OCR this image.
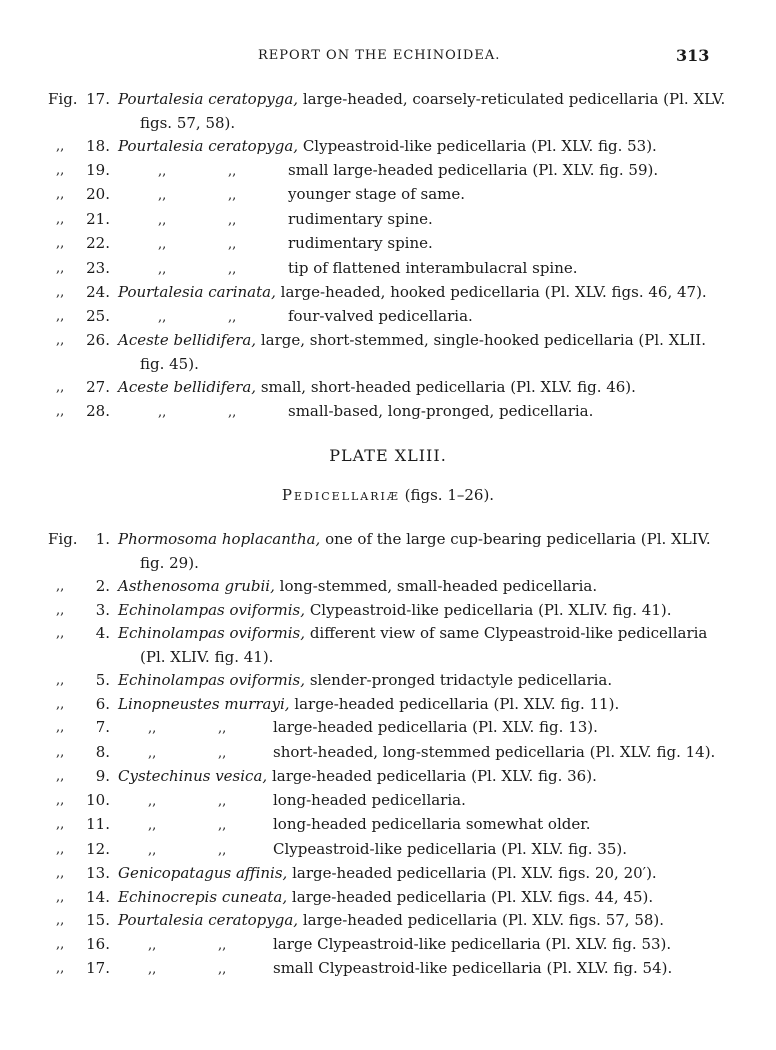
REPORT ON THE ECHINOIDEA.	313
Fig. 17. Pourtalesia ceratopyga, large-headed, coarsely-reticulated pedicellaria (Pl. XLV.
figs. 57, 58).
,,	18. Pourtalesia ceratopyga, Clypeastroid-like pedicellaria (Pl. XLV. fig. 53).
,,	19.	,,	,,	small large-headed pedicellaria (Pl. XLV. fig. 59).
,,	20.	,,	,,	younger stage of same.
,,	21.	,,	,,	rudimentary spine.
,,	22.	,,	,,	rudimentary spine.
,,	23.	,,	,,	tip of flattened interambulacral spine.
,,	24. Pourtalesia carinata, large-headed, hooked pedicellaria (Pl. XLV. figs. 46, 47).
,,	25.	,,	,,	four-valved pedicellaria.
,,	26. Aceste bellidifera, large, short-stemmed, single-hooked pedicellaria (Pl. XLII.
fig. 45).
,,	27. Aceste bellidifera, small, short-headed pedicellaria (Pl. XLV. fig. 46).
,,	28.	,,	,,	small-based, long-pronged, pedicellaria.
PLATE XLIII.
Pedicellariæ (figs. 1–26).
Fig.	1. Phormosoma hoplacantha, one of the large cup-bearing pedicellaria (Pl. XLIV.
fig. 29).
,,	2. Asthenosoma grubii, long-stemmed, small-headed pedicellaria.
,,	3. Echinolampas oviformis, Clypeastroid-like pedicellaria (Pl. XLIV. fig. 41).
,,	4. Echinolampas oviformis, different view of same Clypeastroid-like pedicellaria
(Pl. XLIV. fig. 41).
,,	5. Echinolampas oviformis, slender-pronged tridactyle pedicellaria.
,,	6. Linopneustes murrayi, large-headed pedicellaria (Pl. XLV. fig. 11).
,,	7.	,,	,,	large-headed pedicellaria (Pl. XLV. fig. 13).
,,	8.	,,	,,	short-headed, long-stemmed pedicellaria (Pl. XLV. fig. 14).
,,	9. Cystechinus vesica, large-headed pedicellaria (Pl. XLV. fig. 36).
,,	10.	,,	,,	long-headed pedicellaria.
,,	11.	,,	,,	long-headed pedicellaria somewhat older.
,,	12.	,,	,,	Clypeastroid-like pedicellaria (Pl. XLV. fig. 35).
,,	13. Genicopatagus affinis, large-headed pedicellaria (Pl. XLV. figs. 20, 20′).
,,	14. Echinocrepis cuneata, large-headed pedicellaria (Pl. XLV. figs. 44, 45).
,,	15. Pourtalesia ceratopyga, large-headed pedicellaria (Pl. XLV. figs. 57, 58).
,,	16.	,,	,,	large Clypeastroid-like pedicellaria (Pl. XLV. fig. 53).
,,	17.	,,	,,	small Clypeastroid-like pedicellaria (Pl. XLV. fig. 54).
